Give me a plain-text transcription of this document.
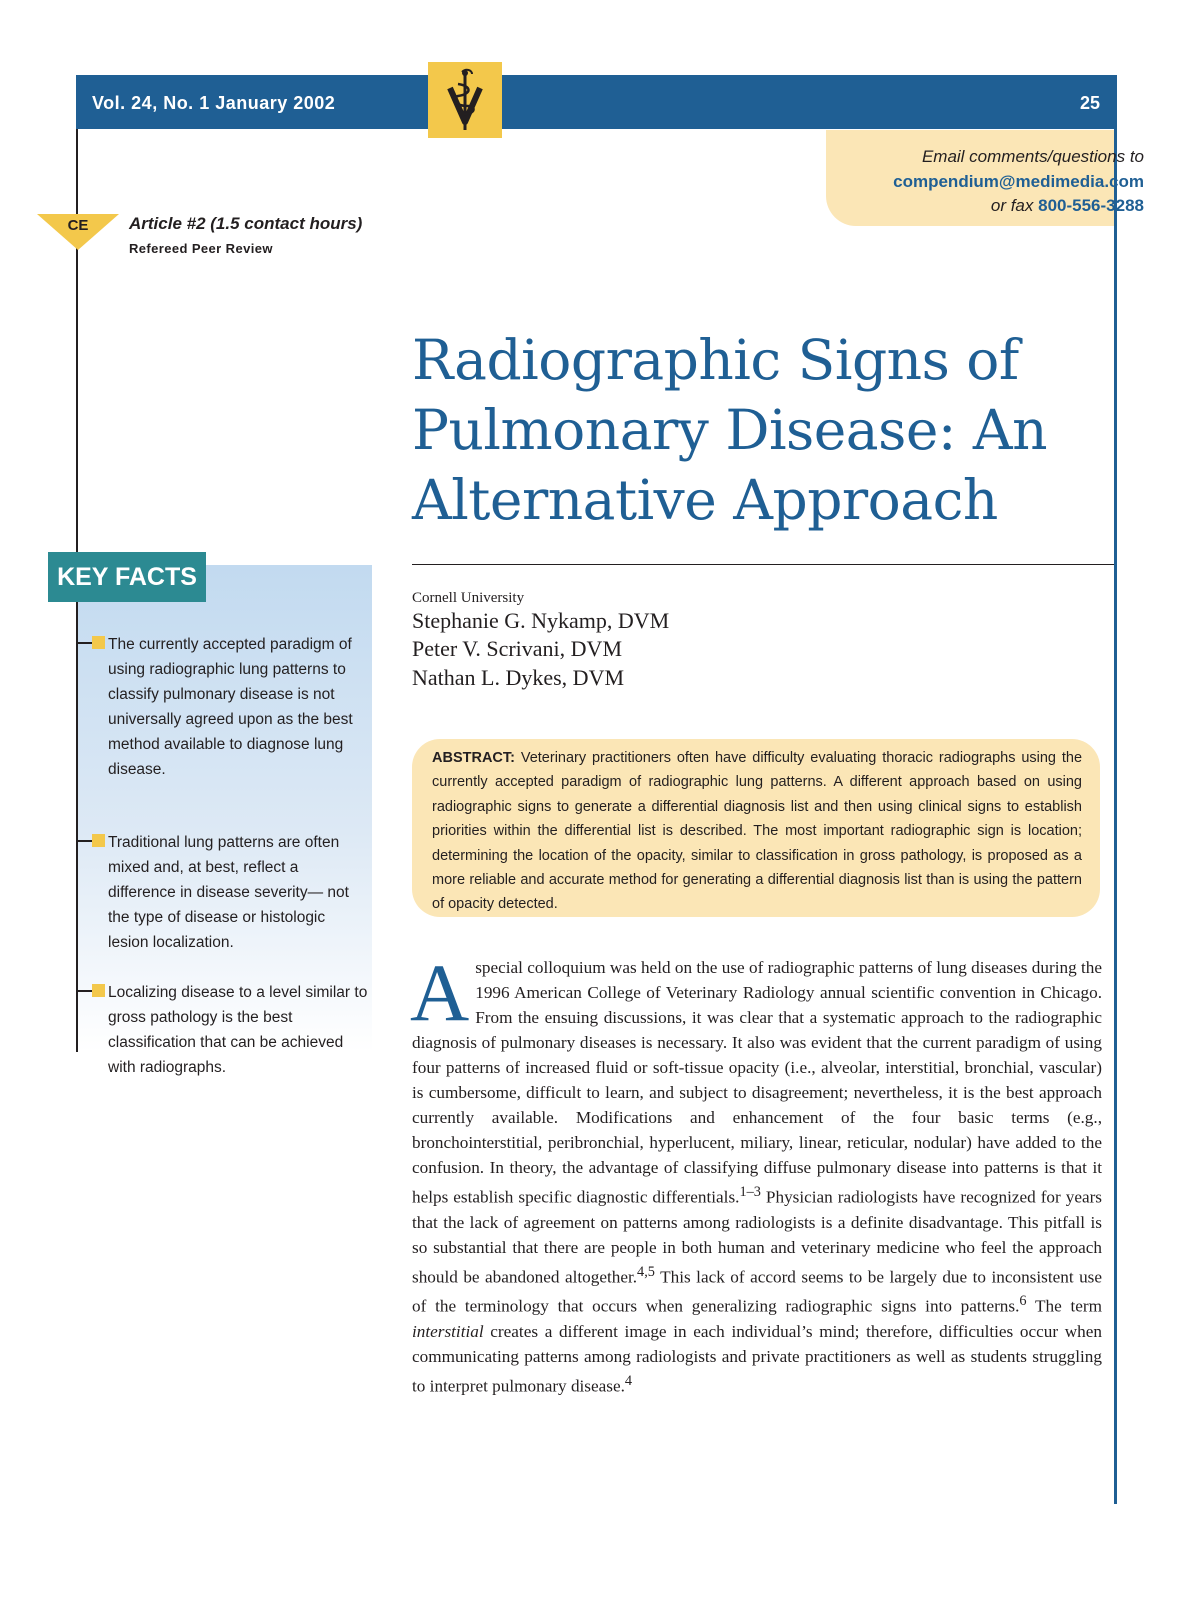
Vol. 24, No. 1 January 2002	25
Email comments/questions to
compendium@medimedia.com
or fax 800-556-3288
CE Article #2 (1.5 contact hours)
Refereed Peer Review
Radiographic Signs of
Pulmonary Disease: An
Alternative Approach
Cornell University
Stephanie G. Nykamp, DVM
Peter V. Scrivani, DVM
Nathan L. Dykes, DVM
KEY FACTS
The currently accepted paradigm of using radiographic lung patterns to classify pulmonary disease is not universally agreed upon as the best method available to diagnose lung disease.
Traditional lung patterns are often mixed and, at best, reflect a difference in disease severity— not the type of disease or histologic lesion localization.
Localizing disease to a level similar to gross pathology is the best classification that can be achieved with radiographs.

ABSTRACT: Veterinary practitioners often have difficulty evaluating thoracic radiographs using the currently accepted paradigm of radiographic lung patterns. A different approach based on using radiographic signs to generate a differential diagnosis list and then using clinical signs to establish priorities within the differential list is described. The most important radiographic sign is location; determining the location of the opacity, similar to classification in gross pathology, is proposed as a more reliable and accurate method for generating a differential diagnosis list than is using the pattern of opacity detected.

Aspecial colloquium was held on the use of radiographic patterns of lung diseases during the 1996 American College of Veterinary Radiology annual scientific convention in Chicago. From the ensuing discussions, it was clear that a systematic approach to the radiographic diagnosis of pulmonary diseases is necessary. It also was evident that the current paradigm of using four patterns of increased fluid or soft-tissue opacity (i.e., alveolar, interstitial, bronchial, vascular) is cumbersome, difficult to learn, and subject to disagreement; nevertheless, it is the best approach currently available. Modifications and enhancement of the four basic terms (e.g., bronchointerstitial, peribronchial, hyperlucent, miliary, linear, reticular, nodular) have added to the confusion. In theory, the advantage of classifying diffuse pulmonary disease into patterns is that it helps establish specific diagnostic differentials.$^{1-3}$ Physician radiologists have recognized for years that the lack of agreement on patterns among radiologists is a definite disadvantage. This pitfall is so substantial that there are people in both human and veterinary medicine who feel the approach should be abandoned altogether.$^{4,5}$ This lack of accord seems to be largely due to inconsistent use of the terminology that occurs when generalizing radiographic signs into patterns.$^6$ The term interstitial creates a different image in each individual’s mind; therefore, difficulties occur when communicating patterns among radiologists and private practitioners as well as students struggling to interpret pulmonary disease.$^4$
